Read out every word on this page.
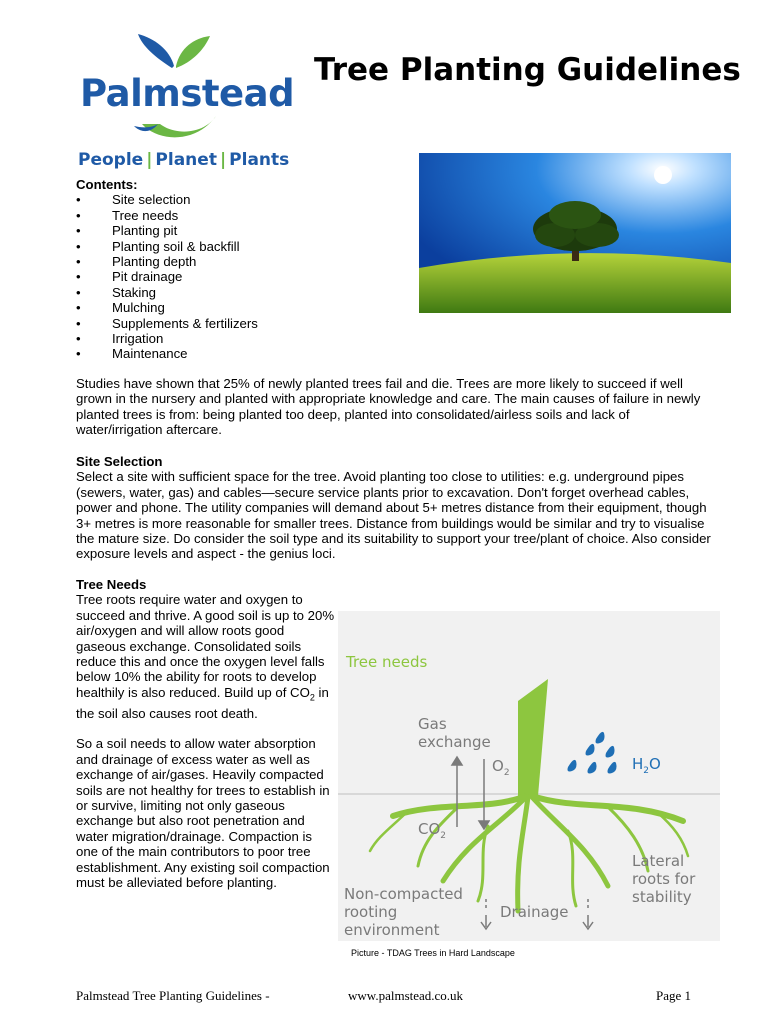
Palmstead
People | Planet | Plants
Tree Planting Guidelines
Contents:
• Site selection
• Tree needs
• Planting pit
• Planting soil & backfill
• Planting depth
• Pit drainage
• Staking
• Mulching
• Supplements & fertilizers
• Irrigation
• Maintenance
Studies have shown that 25% of newly planted trees fail and die. Trees are more likely to succeed if well grown in the nursery and planted with appropriate knowledge and care. The main causes of failure in newly planted trees is from: being planted too deep, planted into consolidated/airless soils and lack of water/irrigation aftercare.
Site Selection
Select a site with sufficient space for the tree. Avoid planting too close to utilities: e.g. underground pipes (sewers, water, gas) and cables—secure service plants prior to excavation. Don't forget overhead cables, power and phone. The utility companies will demand about 5+ metres distance from their equipment, though 3+ metres is more reasonable for smaller trees. Distance from buildings would be similar and try to visualise the mature size. Do consider the soil type and its suitability to support your tree/plant of choice. Also consider exposure levels and aspect - the genius loci.
Tree Needs
Tree roots require water and oxygen to succeed and thrive. A good soil is up to 20% air/oxygen and will allow roots good gaseous exchange. Consolidated soils reduce this and once the oxygen level falls below 10% the ability for roots to develop healthily is also reduced. Build up of $CO_2$ in the soil also causes root death.
So a soil needs to allow water absorption and drainage of excess water as well as exchange of air/gases. Heavily compacted soils are not healthy for trees to establish in or survive, limiting not only gaseous exchange but also root penetration and water migration/drainage. Compaction is one of the main contributors to poor tree establishment. Any existing soil compaction must be alleviated before planting.
Tree needs
Gas
exchange
$O_2$
$CO_2$
$H_2O$
Lateral
roots for
stability
Non-compacted
rooting
environment
Drainage
Picture - TDAG Trees in Hard Landscape
Palmstead Tree Planting Guidelines -	www.palmstead.co.uk	Page 1
